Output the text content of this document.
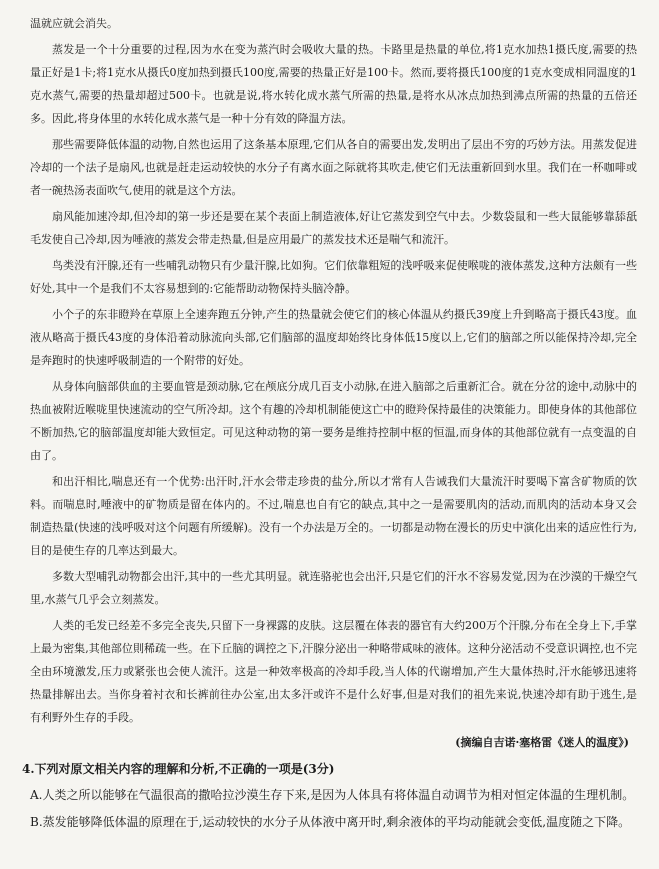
温就应就会消失。

蒸发是一个十分重要的过程,因为水在变为蒸汽时会吸收大量的热。卡路里是热量的单位,将1克水加热1摄氏度,需要的热量正好是1卡;将1克水从摄氏0度加热到摄氏100度,需要的热量正好是100卡。然而,要将摄氏100度的1克水变成相同温度的1克水蒸气,需要的热量却超过500卡。也就是说,将水转化成水蒸气所需的热量,是将水从冰点加热到沸点所需的热量的五倍还多。因此,将身体里的水转化成水蒸气是一种十分有效的降温方法。

那些需要降低体温的动物,自然也运用了这条基本原理,它们从各自的需要出发,发明出了层出不穷的巧妙方法。用蒸发促进冷却的一个法子是扇风,也就是赶走运动较快的水分子有离水面之际就将其吹走,使它们无法重新回到水里。我们在一杯咖啡或者一碗热汤表面吹气,使用的就是这个方法。

扇风能加速冷却,但冷却的第一步还是要在某个表面上制造液体,好让它蒸发到空气中去。少数袋鼠和一些大鼠能够靠舔舐毛发使自己冷却,因为唾液的蒸发会带走热量,但是应用最广的蒸发技术还是喘气和流汗。

鸟类没有汗腺,还有一些哺乳动物只有少量汗腺,比如狗。它们依靠粗短的浅呼吸来促使喉咙的液体蒸发,这种方法颇有一些好处,其中一个是我们不太容易想到的:它能帮助动物保持头脑冷静。

小个子的东非瞪羚在草原上全速奔跑五分钟,产生的热量就会使它们的核心体温从约摄氏39度上升到略高于摄氏43度。血液从略高于摄氏43度的身体沿着动脉流向头部,它们脑部的温度却始终比身体低15度以上,它们的脑部之所以能保持冷却,完全是奔跑时的快速呼吸制造的一个附带的好处。

从身体向脑部供血的主要血管是颈动脉,它在颅底分成几百支小动脉,在进入脑部之后重新汇合。就在分岔的途中,动脉中的热血被附近喉咙里快速流动的空气所冷却。这个有趣的冷却机制能使这亡中的瞪羚保持最佳的决策能力。即使身体的其他部位不断加热,它的脑部温度却能大致恒定。可见这种动物的第一要务是维持控制中枢的恒温,而身体的其他部位就有一点变温的自由了。

和出汗相比,喘息还有一个优势:出汗时,汗水会带走珍贵的盐分,所以才常有人告诫我们大量流汗时要喝下富含矿物质的饮料。而喘息时,唾液中的矿物质是留在体内的。不过,喘息也自有它的缺点,其中之一是需要肌肉的活动,而肌肉的活动本身又会制造热量(快速的浅呼吸对这个问题有所缓解)。没有一个办法是万全的。一切都是动物在漫长的历史中演化出来的适应性行为,目的是使生存的几率达到最大。

多数大型哺乳动物都会出汗,其中的一些尤其明显。就连骆驼也会出汗,只是它们的汗水不容易发觉,因为在沙漠的干燥空气里,水蒸气几乎会立刻蒸发。

人类的毛发已经差不多完全丧失,只留下一身裸露的皮肤。这层覆在体表的器官有大约200万个汗腺,分布在全身上下,手掌上最为密集,其他部位則稀疏一些。在下丘脑的调控之下,汗腺分泌出一种略带咸味的液体。这种分泌活动不受意识调控,也不完全由环境激发,压力或紧张也会使人流汗。这是一种效率极高的冷却手段,当人体的代谢增加,产生大量体热时,汗水能够迅速将热量排解出去。当你身着衬衣和长裤前往办公室,出太多汗或许不是什么好事,但是对我们的祖先来说,快速冷却有助于逃生,是有利野外生存的手段。

(摘编自吉诺·塞格雷《迷人的温度》)
4.下列对原文相关内容的理解和分析,不正确的一项是(3分)
A.人类之所以能够在气温很高的撒哈拉沙漠生存下来,是因为人体具有将体温自动调节为相对恒定体温的生理机制。
B.蒸发能够降低体温的原理在于,运动较快的水分子从体液中离开时,剩余液体的平均动能就会变低,温度随之下降。
